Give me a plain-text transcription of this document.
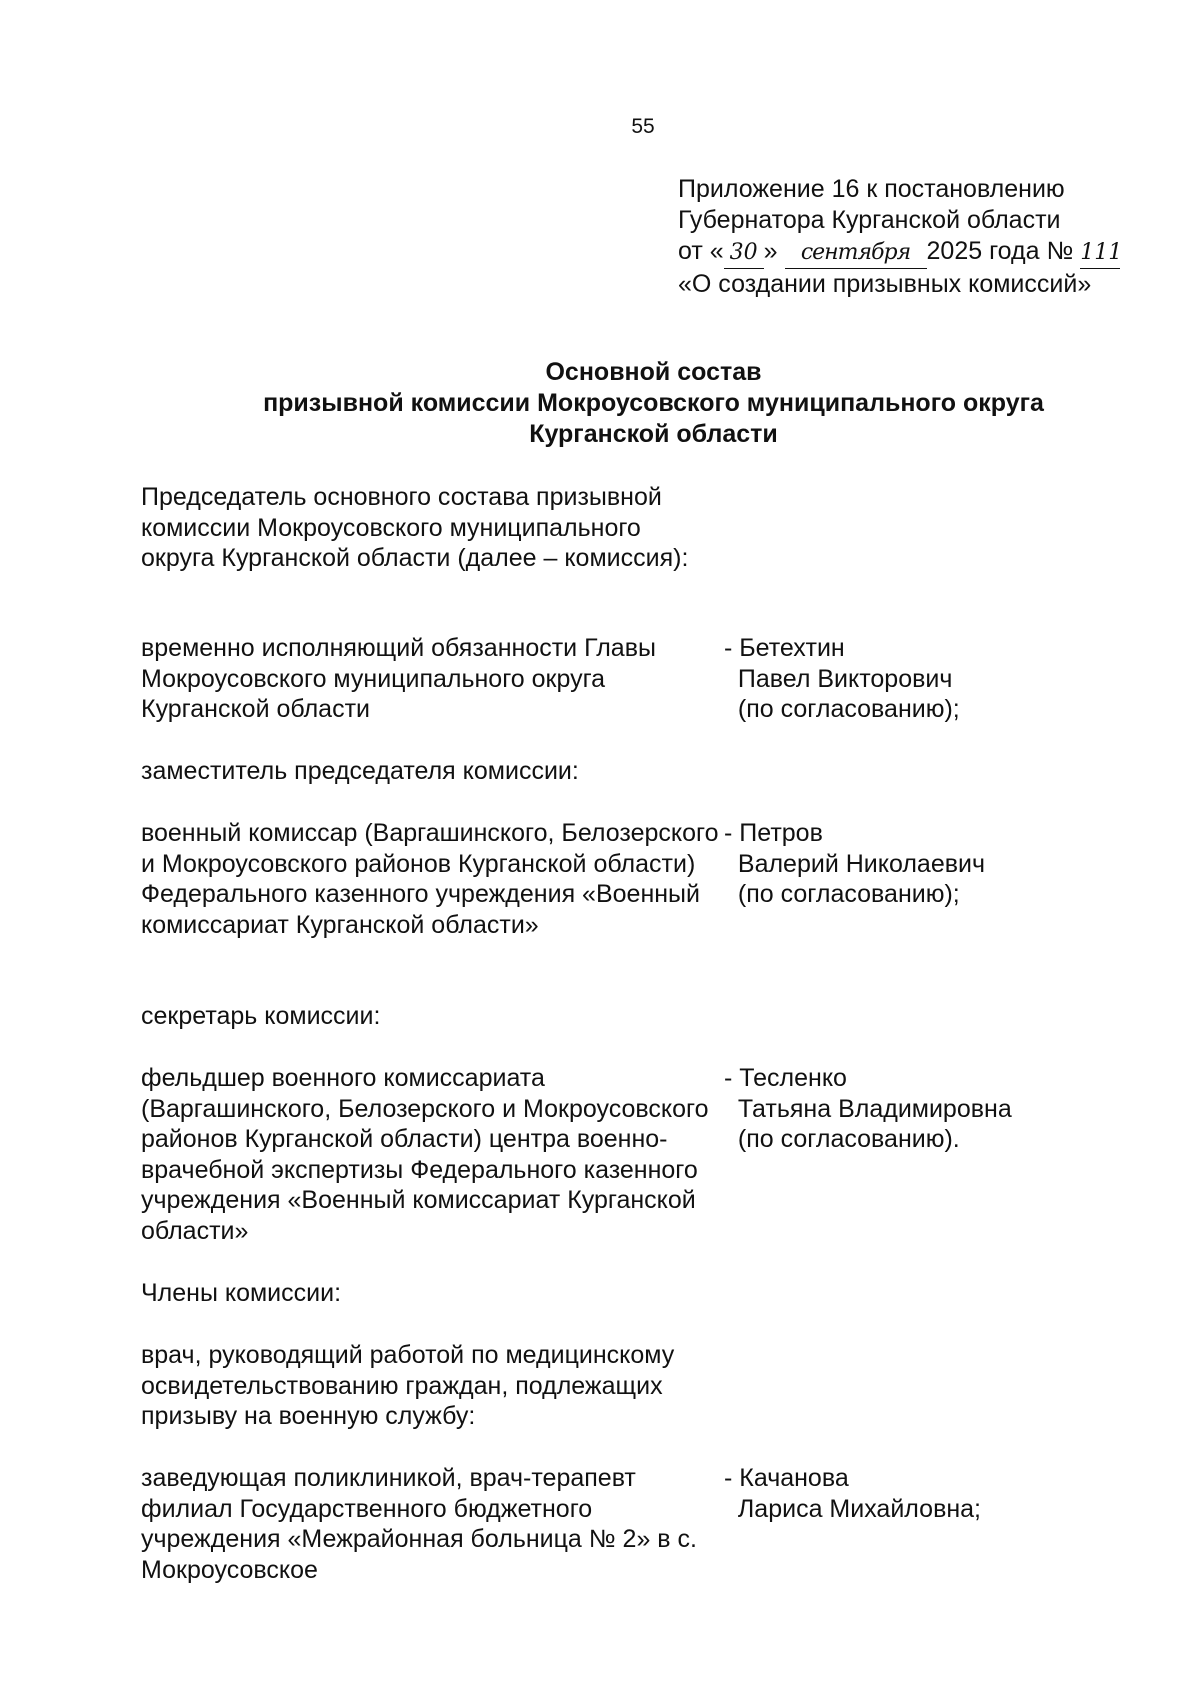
55
Приложение 16 к постановлению
Губернатора Курганской области
от « 30 » сентября 2025 года № 111
«О создании призывных комиссий»
Основной состав
призывной комиссии Мокроусовского муниципального округа
Курганской области
Председатель основного состава призывной комиссии Мокроусовского муниципального округа Курганской области (далее – комиссия):
временно исполняющий обязанности Главы Мокроусовского муниципального округа Курганской области
- Бетехтин
Павел Викторович
(по согласованию);
заместитель председателя комиссии:
военный комиссар (Варгашинского, Белозерского и Мокроусовского районов Курганской области) Федерального казенного учреждения «Военный комиссариат Курганской области»
- Петров
Валерий Николаевич
(по согласованию);
секретарь комиссии:
фельдшер военного комиссариата (Варгашинского, Белозерского и Мокроусовского районов Курганской области) центра военно-врачебной экспертизы Федерального казенного учреждения «Военный комиссариат Курганской области»
- Тесленко
Татьяна Владимировна
(по согласованию).
Члены комиссии:
врач, руководящий работой по медицинскому освидетельствованию граждан, подлежащих призыву на военную службу:
заведующая поликлиникой, врач-терапевт филиал Государственного бюджетного учреждения «Межрайонная больница № 2» в с. Мокроусовское
- Качанова
Лариса Михайловна;
